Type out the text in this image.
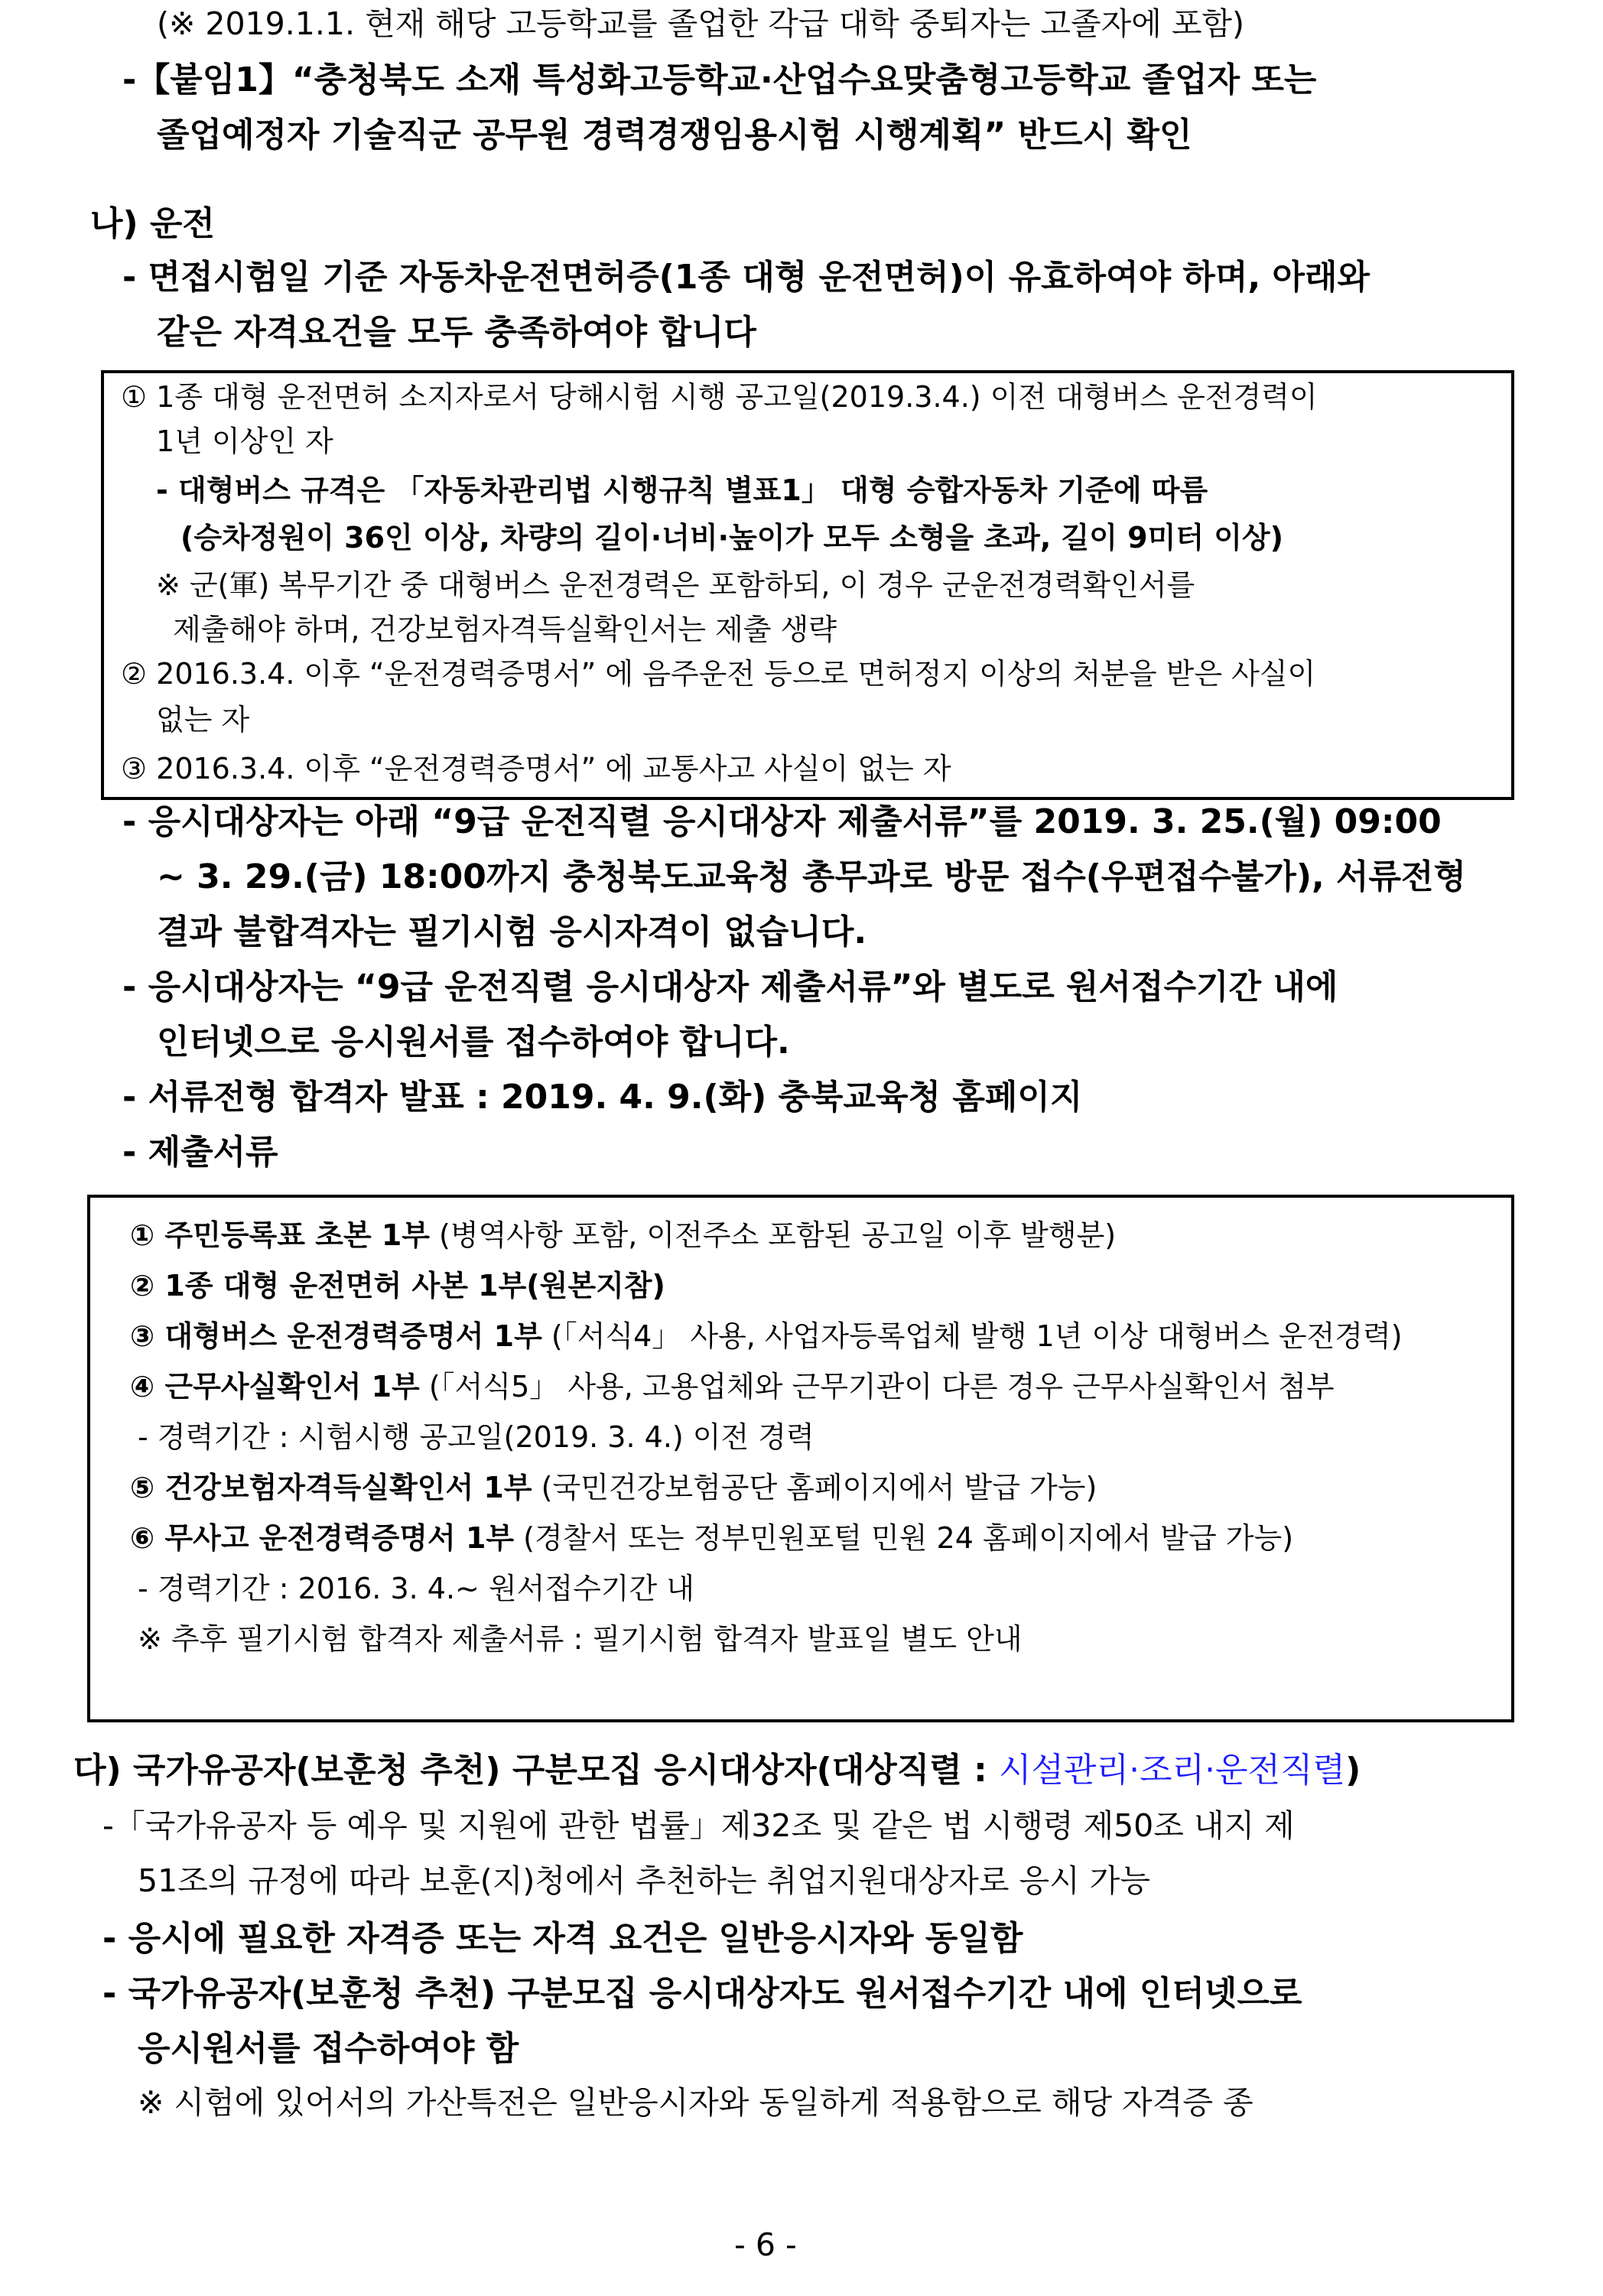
(※ 2019.1.1. 현재 해당 고등학교를 졸업한 각급 대학 중퇴자는 고졸자에 포함)
-【붙임1】“충청북도 소재 특성화고등학교·산업수요맞춤형고등학교 졸업자 또는
졸업예정자 기술직군 공무원 경력경쟁임용시험 시행계획” 반드시 확인
나) 운전
- 면접시험일 기준 자동차운전면허증(1종 대형 운전면허)이 유효하여야 하며, 아래와
같은 자격요건을 모두 충족하여야 합니다
① 1종 대형 운전면허 소지자로서 당해시험 시행 공고일(2019.3.4.) 이전 대형버스 운전경력이
1년 이상인 자
- 대형버스 규격은 「자동차관리법 시행규칙 별표1」 대형 승합자동차 기준에 따름
(승차정원이 36인 이상, 차량의 길이·너비·높이가 모두 소형을 초과, 길이 9미터 이상)
※ 군(軍) 복무기간 중 대형버스 운전경력은 포함하되, 이 경우 군운전경력확인서를
제출해야 하며, 건강보험자격득실확인서는 제출 생략
② 2016.3.4. 이후 “운전경력증명서” 에 음주운전 등으로 면허정지 이상의 처분을 받은 사실이
없는 자
③ 2016.3.4. 이후 “운전경력증명서” 에 교통사고 사실이 없는 자
- 응시대상자는 아래 “9급 운전직렬 응시대상자 제출서류”를 2019. 3. 25.(월) 09:00
~ 3. 29.(금) 18:00까지 충청북도교육청 총무과로 방문 접수(우편접수불가), 서류전형
결과 불합격자는 필기시험 응시자격이 없습니다.
- 응시대상자는 “9급 운전직렬 응시대상자 제출서류”와 별도로 원서접수기간 내에
인터넷으로 응시원서를 접수하여야 합니다.
- 서류전형 합격자 발표 : 2019. 4. 9.(화) 충북교육청 홈페이지
- 제출서류
① 주민등록표 초본 1부 (병역사항 포함, 이전주소 포함된 공고일 이후 발행분)
② 1종 대형 운전면허 사본 1부(원본지참)
③ 대형버스 운전경력증명서 1부 (「서식4」 사용, 사업자등록업체 발행 1년 이상 대형버스 운전경력)
④ 근무사실확인서 1부 (「서식5」 사용, 고용업체와 근무기관이 다른 경우 근무사실확인서 첨부
- 경력기간 : 시험시행 공고일(2019. 3. 4.) 이전 경력
⑤ 건강보험자격득실확인서 1부 (국민건강보험공단 홈페이지에서 발급 가능)
⑥ 무사고 운전경력증명서 1부 (경찰서 또는 정부민원포털 민원 24 홈페이지에서 발급 가능)
- 경력기간 : 2016. 3. 4.~ 원서접수기간 내
※ 추후 필기시험 합격자 제출서류 : 필기시험 합격자 발표일 별도 안내
다) 국가유공자(보훈청 추천) 구분모집 응시대상자(대상직렬 : 시설관리·조리·운전직렬)
-「국가유공자 등 예우 및 지원에 관한 법률」제32조 및 같은 법 시행령 제50조 내지 제
51조의 규정에 따라 보훈(지)청에서 추천하는 취업지원대상자로 응시 가능
- 응시에 필요한 자격증 또는 자격 요건은 일반응시자와 동일함
- 국가유공자(보훈청 추천) 구분모집 응시대상자도 원서접수기간 내에 인터넷으로
응시원서를 접수하여야 함
※ 시험에 있어서의 가산특전은 일반응시자와 동일하게 적용함으로 해당 자격증 종
- 6 -
